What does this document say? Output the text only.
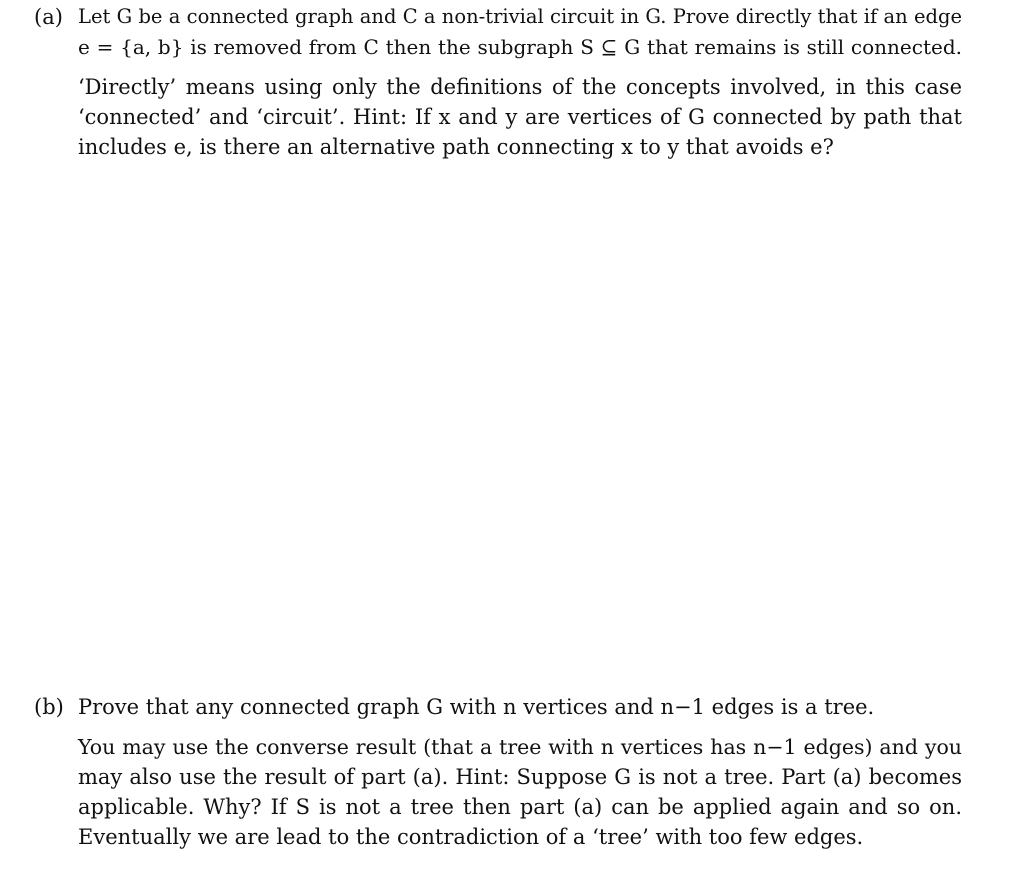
(a) Let G be a connected graph and C a non-trivial circuit in G. Prove directly that if an edge
e = {a, b} is removed from C then the subgraph S ⊆ G that remains is still connected.

‘Directly’ means using only the definitions of the concepts involved, in this case
‘connected’ and ‘circuit’. Hint: If x and y are vertices of G connected by path that
includes e, is there an alternative path connecting x to y that avoids e?

(b) Prove that any connected graph G with n vertices and n−1 edges is a tree.

You may use the converse result (that a tree with n vertices has n−1 edges) and you
may also use the result of part (a). Hint: Suppose G is not a tree. Part (a) becomes
applicable. Why? If S is not a tree then part (a) can be applied again and so on.
Eventually we are lead to the contradiction of a ‘tree’ with too few edges.
